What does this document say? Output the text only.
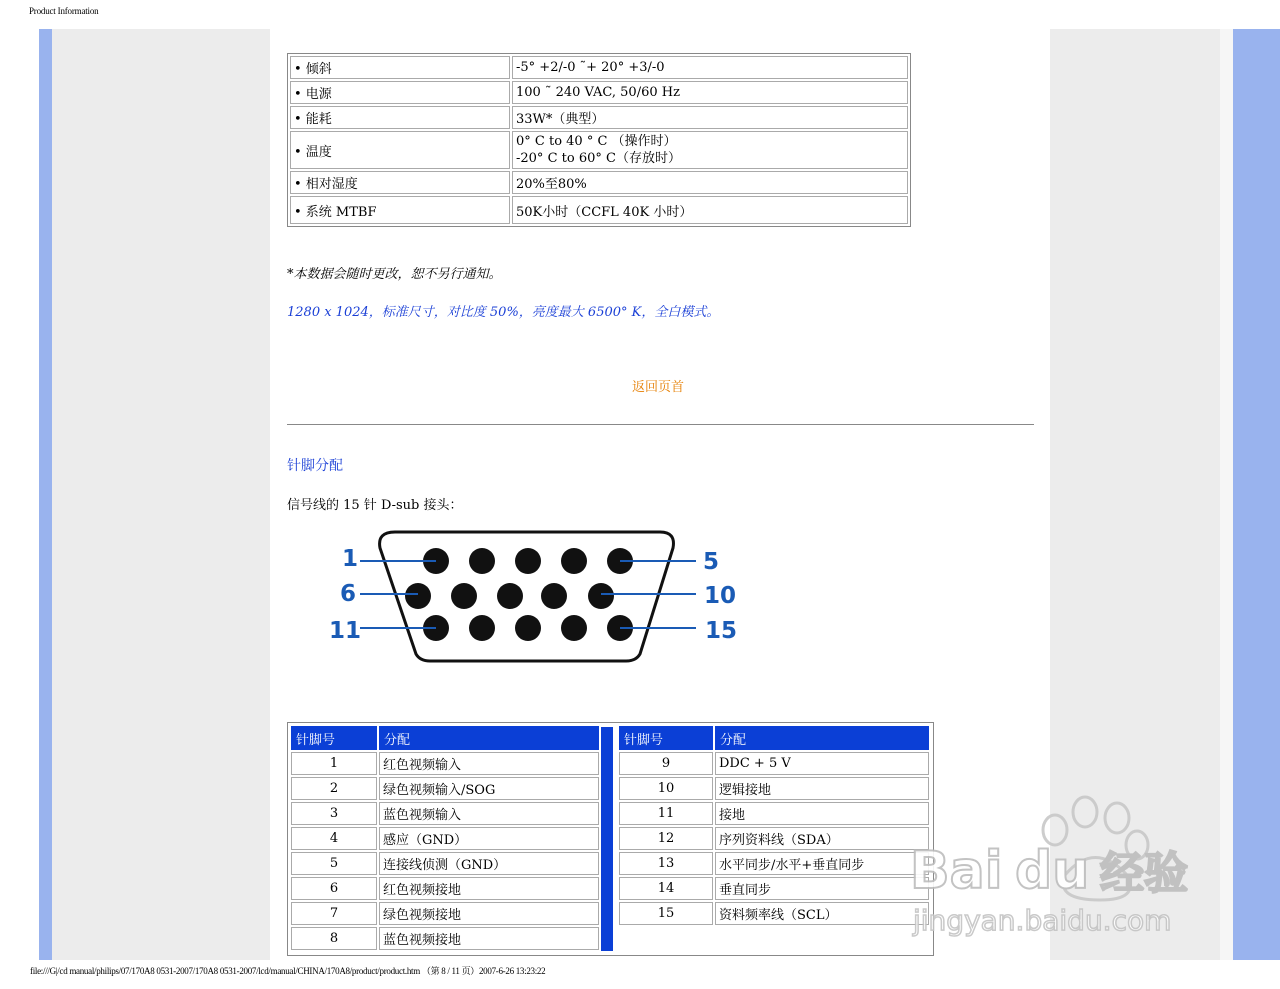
Product Information
• 倾斜	-5° +2/-0 ˜+ 20° +3/-0
• 电源	100 ˜ 240 VAC, 50/60 Hz
• 能耗	33W*（典型）
• 温度	0° C to 40 ° C （操作时）
-20° C to 60° C（存放时）

• 相对湿度	20%至80%
• 系统 MTBF	50K小时（CCFL 40K 小时）
*本数据会随时更改，恕不另行通知。
1280 x 1024，标准尺寸，对比度 50%，亮度最大 6500° K，全白模式。
返回页首
针脚分配
信号线的 15 针 D-sub 接头：
1	5
6	10
11	15
针脚号	分配
1	红色视频输入
2	绿色视频输入/SOG
3	蓝色视频输入
4	感应（GND）
5	连接线侦测（GND）
6	红色视频接地
7	绿色视频接地
8	蓝色视频接地
针脚号	分配
9	DDC + 5 V
10	逻辑接地
11	接地
12	序列资料线（SDA）
13	水平同步/水平+垂直同步
14	垂直同步
15	资料频率线（SCL）
Bai du 经验
jingyan.baidu.com
file:///G|/cd manual/philips/07/170A8 0531-2007/170A8 0531-2007/lcd/manual/CHINA/170A8/product/product.htm （第 8 / 11 页）2007-6-26 13:23:22
